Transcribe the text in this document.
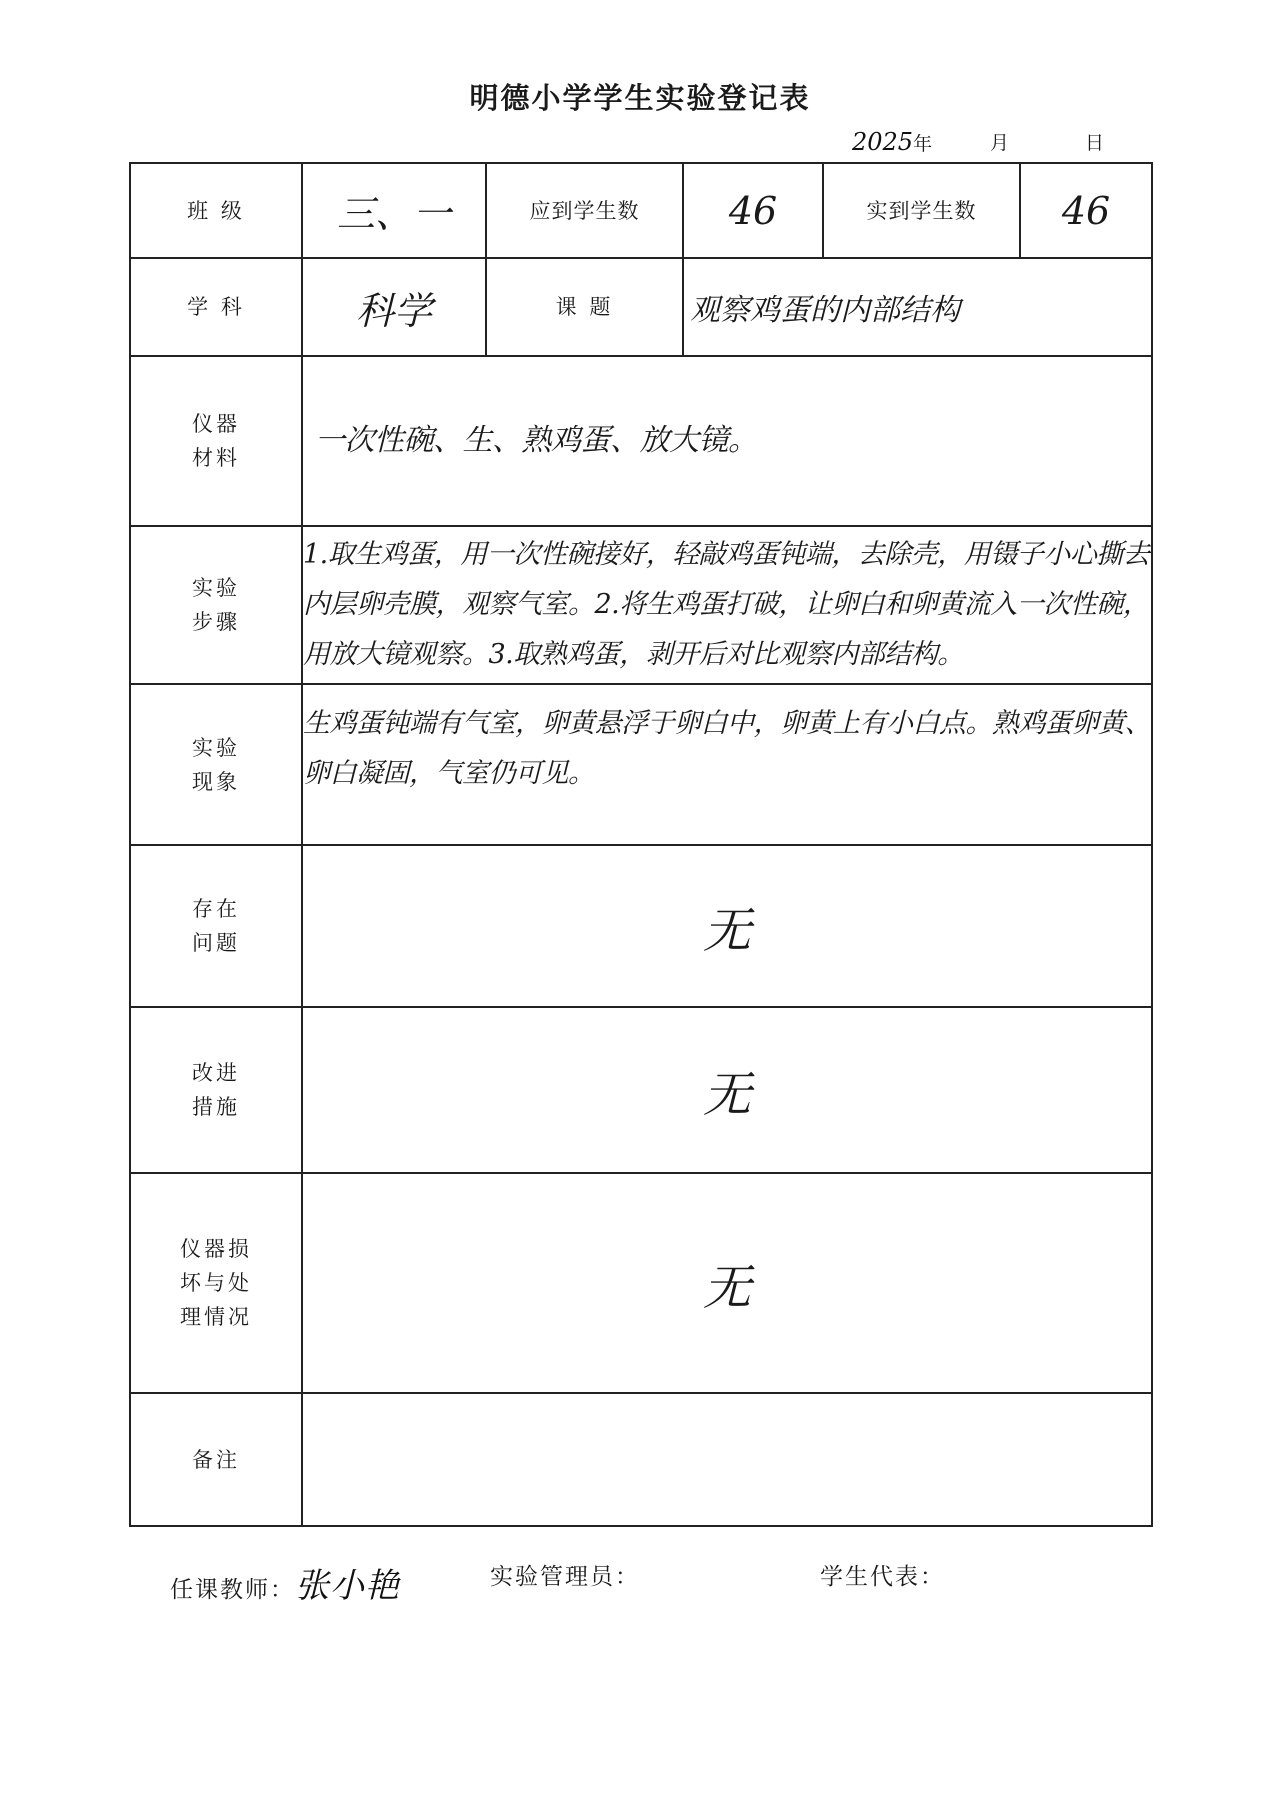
明德小学学生实验登记表
2025年	月	日
班 级	三、一	应到学生数	46	实到学生数	46
学 科	科学	课 题	观察鸡蛋的内部结构		

仪器材料	一次性碗、生、熟鸡蛋、放大镜。				

实验步骤	1.取生鸡蛋，用一次性碗接好，轻敲鸡蛋钝端，去除壳，用镊子小心撕去内层卵壳膜，观察气室。2.将生鸡蛋打破，让卵白和卵黄流入一次性碗，用放大镜观察。3.取熟鸡蛋，剥开后对比观察内部结构。				

实验现象	生鸡蛋钝端有气室，卵黄悬浮于卵白中，卵黄上有小白点。熟鸡蛋卵黄、卵白凝固，气室仍可见。				

存在问题	无				

改进措施	无				

仪器损坏与处理情况	无				
备注					
任课教师：张小艳	实验管理员：	学生代表：
